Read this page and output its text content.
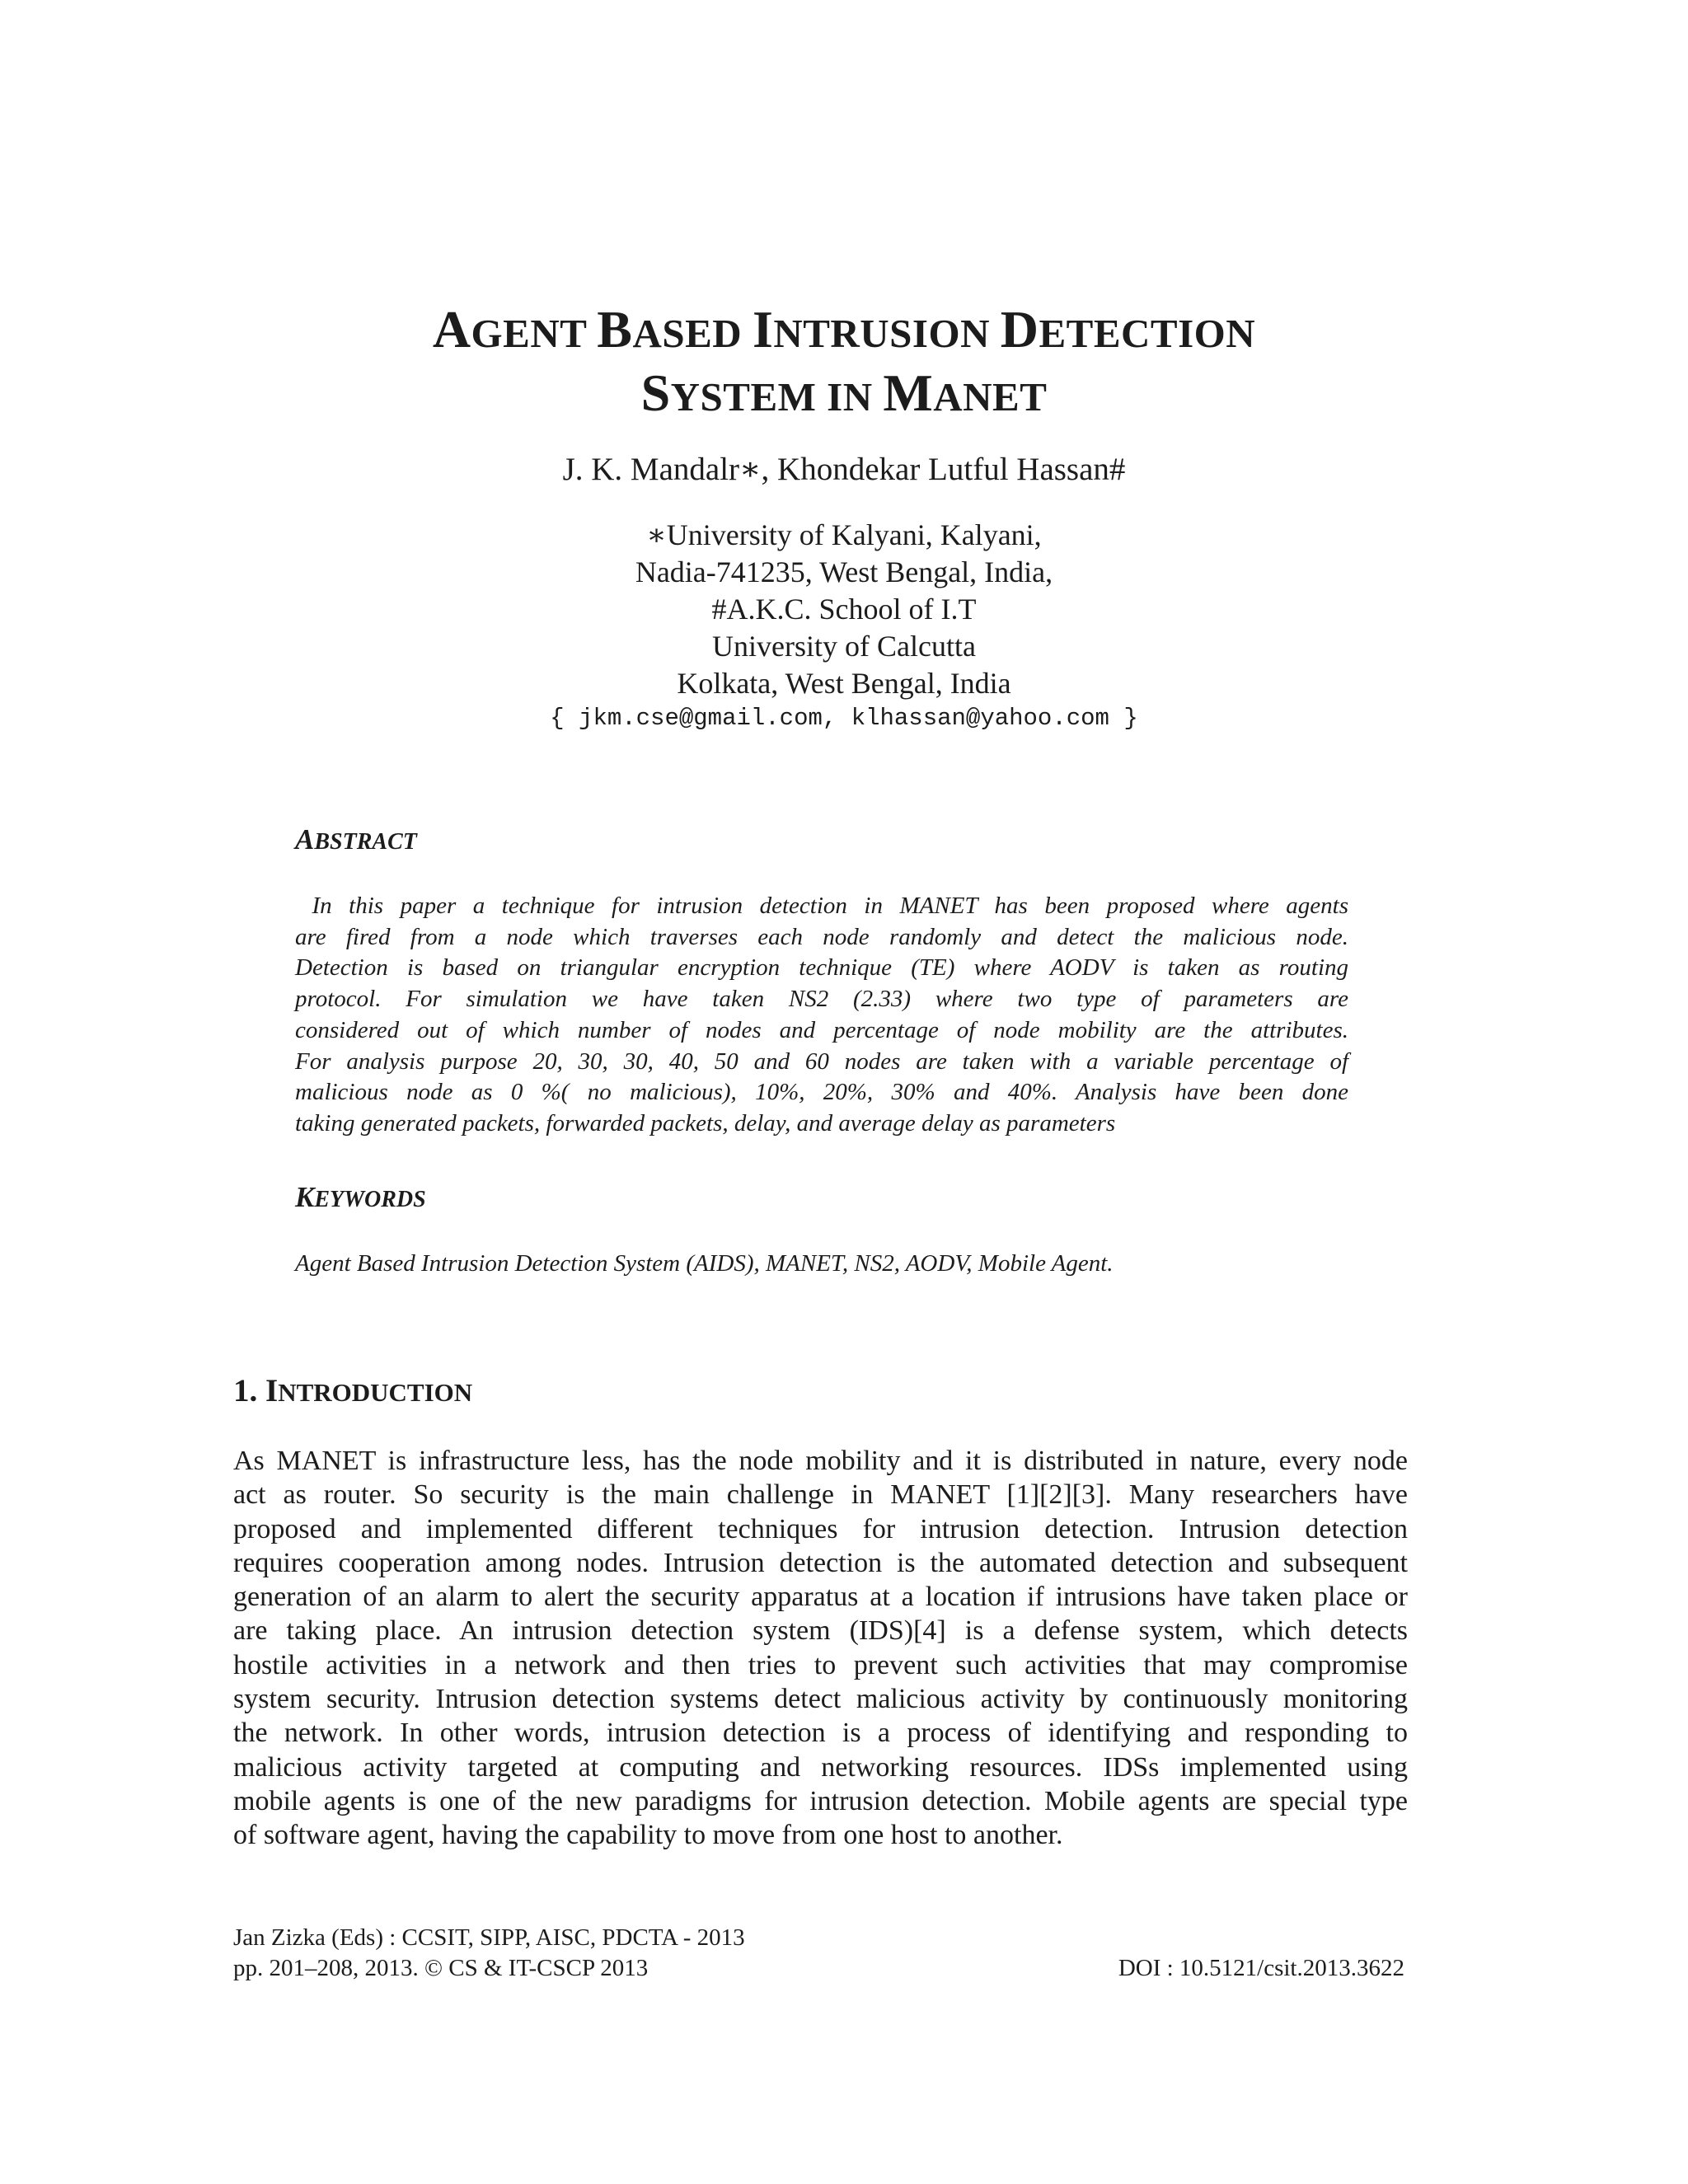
AGENT BASED INTRUSION DETECTION
SYSTEM IN MANET

J. K. Mandalr∗, Khondekar Lutful Hassan#

∗University of Kalyani, Kalyani,
Nadia-741235, West Bengal, India,
#A.K.C. School of I.T
University of Calcutta
Kolkata, West Bengal, India

{ jkm.cse@gmail.com, klhassan@yahoo.com }

ABSTRACT

In this paper a technique for intrusion detection in MANET has been proposed where agents
are fired from a node which traverses each node randomly and detect the malicious node.
Detection is based on triangular encryption technique (TE) where AODV is taken as routing
protocol. For simulation we have taken NS2 (2.33) where two type of parameters are
considered out of which number of nodes and percentage of node mobility are the attributes.
For analysis purpose 20, 30, 30, 40, 50 and 60 nodes are taken with a variable percentage of
malicious node as 0 %( no malicious), 10%, 20%, 30% and 40%. Analysis have been done
taking generated packets, forwarded packets, delay, and average delay as parameters

KEYWORDS

Agent Based Intrusion Detection System (AIDS), MANET, NS2, AODV, Mobile Agent.

1. INTRODUCTION

As MANET is infrastructure less, has the node mobility and it is distributed in nature, every node
act as router. So security is the main challenge in MANET [1][2][3]. Many researchers have
proposed and implemented different techniques for intrusion detection. Intrusion detection
requires cooperation among nodes. Intrusion detection is the automated detection and subsequent
generation of an alarm to alert the security apparatus at a location if intrusions have taken place or
are taking place. An intrusion detection system (IDS)[4] is a defense system, which detects
hostile activities in a network and then tries to prevent such activities that may compromise
system security. Intrusion detection systems detect malicious activity by continuously monitoring
the network. In other words, intrusion detection is a process of identifying and responding to
malicious activity targeted at computing and networking resources. IDSs implemented using
mobile agents is one of the new paradigms for intrusion detection. Mobile agents are special type
of software agent, having the capability to move from one host to another.

Jan Zizka (Eds) : CCSIT, SIPP, AISC, PDCTA - 2013
pp. 201–208, 2013. © CS & IT-CSCP 2013	DOI : 10.5121/csit.2013.3622
